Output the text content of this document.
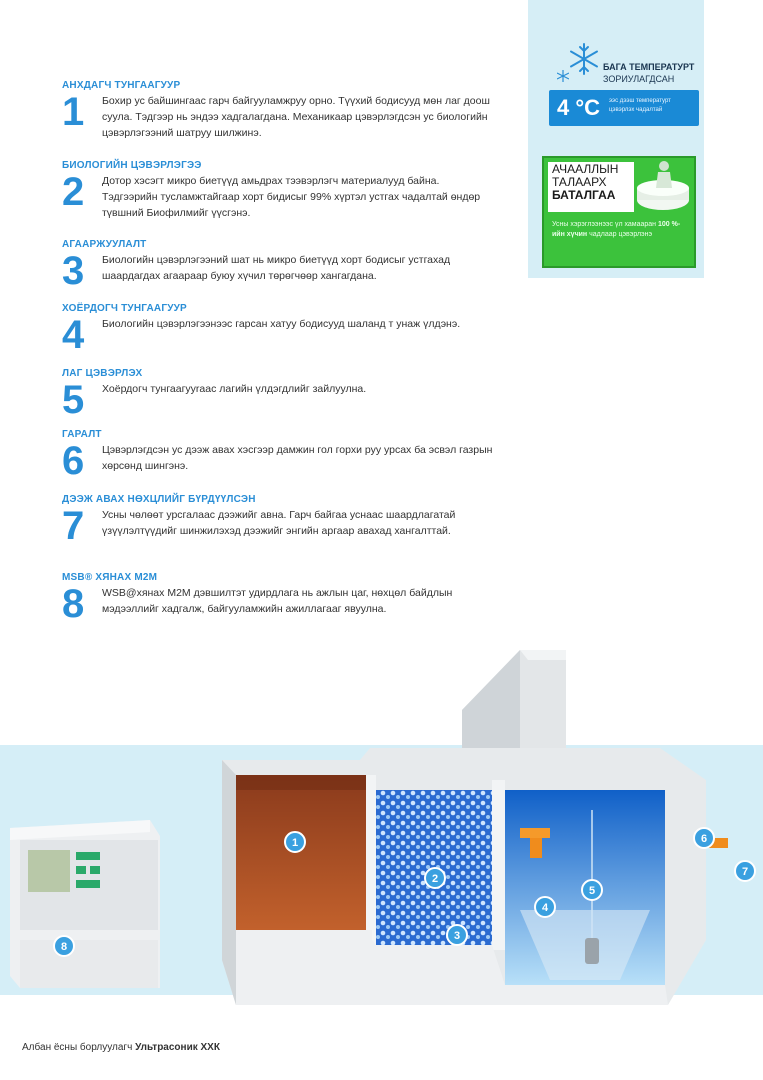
БАГА ТЕМПЕРАТУРТ
ЗОРИУЛАГДСАН
4 °C ээс дээш температурт цэвэрлэх чадалтай
АЧААЛЛЫН
ТАЛААРХ
БАТАЛГАА
Усны хэрэглээнээс үл хамааран 100 %-ийн хүчин чадлаар цэвэрлэнэ
АНХДАГЧ ТУНГААГУУР
1 Бохир ус байшингаас гарч байгууламжруу орно. Түүхий бодисууд мөн лаг доош суула. Тэдгээр нь эндээ хадгалагдана. Механикаар цэвэрлэгдсэн ус биологийн цэвэрлэгээний шатруу шилжинэ.
БИОЛОГИЙН ЦЭВЭРЛЭГЭЭ
2 Дотор хэсэгт микро биетүүд амьдрах тээвэрлэгч материалууд байна. Тэдгээрийн тусламжтайгаар хорт бидисыг 99% хүртэл устгах чадалтай өндөр түвшний Биофилмийг үүсгэнэ.
АГААРЖУУЛАЛТ
3 Биологийн цэвэрлэгээний шат нь микро биетүүд хорт бодисыг устгахад шаардагдах агаараар буюу хүчил төрөгчөөр хангагдана.
ХОЁРДОГЧ ТУНГААГУУР
4 Биологийн цэвэрлэгээнээс гарсан хатуу бодисууд шаланд т унаж үлдэнэ.
ЛАГ ЦЭВЭРЛЭХ
5 Хоёрдогч тунгаагууraас лагийн үлдэгдлийг зайлуулна.
ГАРАЛТ
6 Цэвэрлэгдсэн ус дээж авах хэсгээр дамжин гол горхи руу урсах ба эсвэл газрын хөрсөнд шингэнэ.
ДЭЭЖ АВАХ НӨХЦЛИЙГ БҮРДҮҮЛСЭН
7 Усны чөлөөт урсгалаас дээжийг авна. Гарч байгаа уснаас шаардлагатай үзүүлэлтүүдийг шинжилэхэд дээжийг энгийн аргаар авахад хангалттай.
MSB® ХЯНАХ М2М
8 WSB@хянах M2M дэвшилтэт удирдлага нь ажлын цаг, нөхцөл байдлын мэдээллийг хадгалж, байгууламжийн ажиллагааг явуулна.
1
2
3
4
5
6
7
8
Албан ёсны борлуулагч Ультрасоник ХХК
